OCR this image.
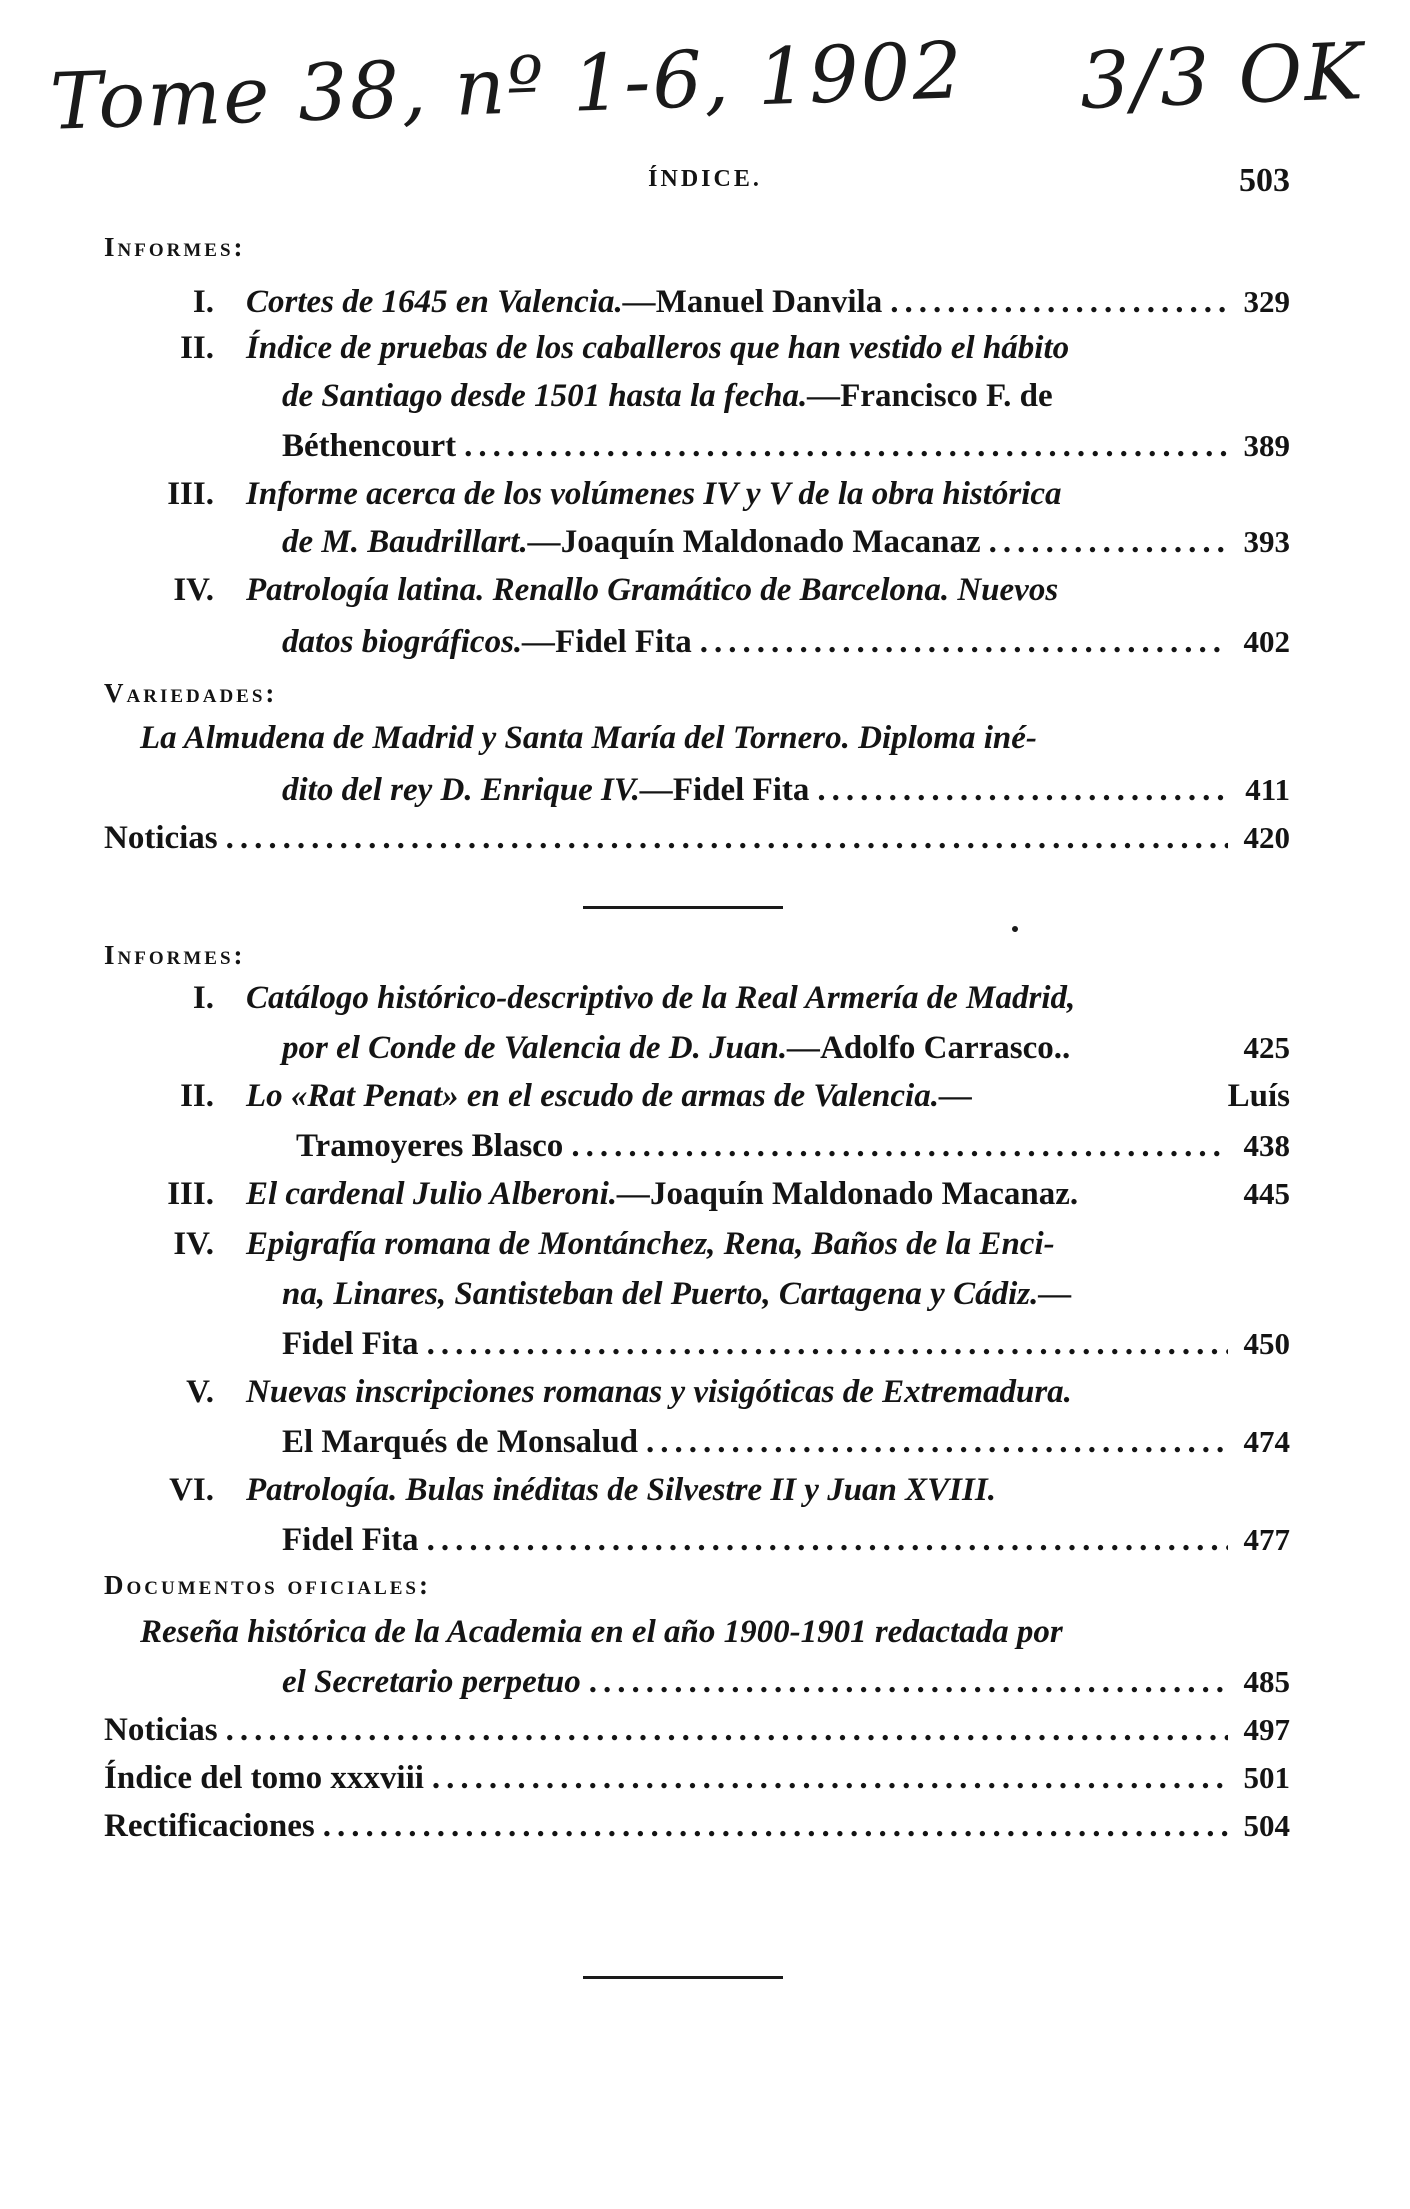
Tome 38, nº 1-6, 1902 3/3 OK
ÍNDICE.	503
Informes:
I. Cortes de 1645 en Valencia.— Manuel Danvila .....	329
II. Índice de pruebas de los caballeros que han vestido el hábito
de Santiago desde 1501 hasta la fecha.— Francisco F. de
Béthencourt .....	389
III. Informe acerca de los volúmenes IV y V de la obra histórica
de M. Baudrillart.— Joaquín Maldonado Macanaz .....	393
IV. Patrología latina. Renallo Gramático de Barcelona. Nuevos
datos biográficos.— Fidel Fita .....	402
Variedades:
La Almudena de Madrid y Santa María del Tornero. Diploma iné-
dito del rey D. Enrique IV.— Fidel Fita .....	411
Noticias .....	420
Informes:
I. Catálogo histórico-descriptivo de la Real Armería de Madrid,
por el Conde de Valencia de D. Juan.— Adolfo Carrasco..	425
II. Lo «Rat Penat» en el escudo de armas de Valencia.—	Luís
Tramoyeres Blasco .....	438
III. El cardenal Julio Alberoni.— Joaquín Maldonado Macanaz.	445
IV. Epigrafía romana de Montánchez, Rena, Baños de la Enci-
na, Linares, Santisteban del Puerto, Cartagena y Cádiz.—
Fidel Fita .....	450
V. Nuevas inscripciones romanas y visigóticas de Extremadura.
El Marqués de Monsalud .....	474
VI. Patrología. Bulas inéditas de Silvestre II y Juan XVIII.
Fidel Fita .....	477
Documentos oficiales:
Reseña histórica de la Academia en el año 1900-1901 redactada por
el Secretario perpetuo .....	485
Noticias .....	497
Índice del tomo xxxviii .....	501
Rectificaciones .....	504
